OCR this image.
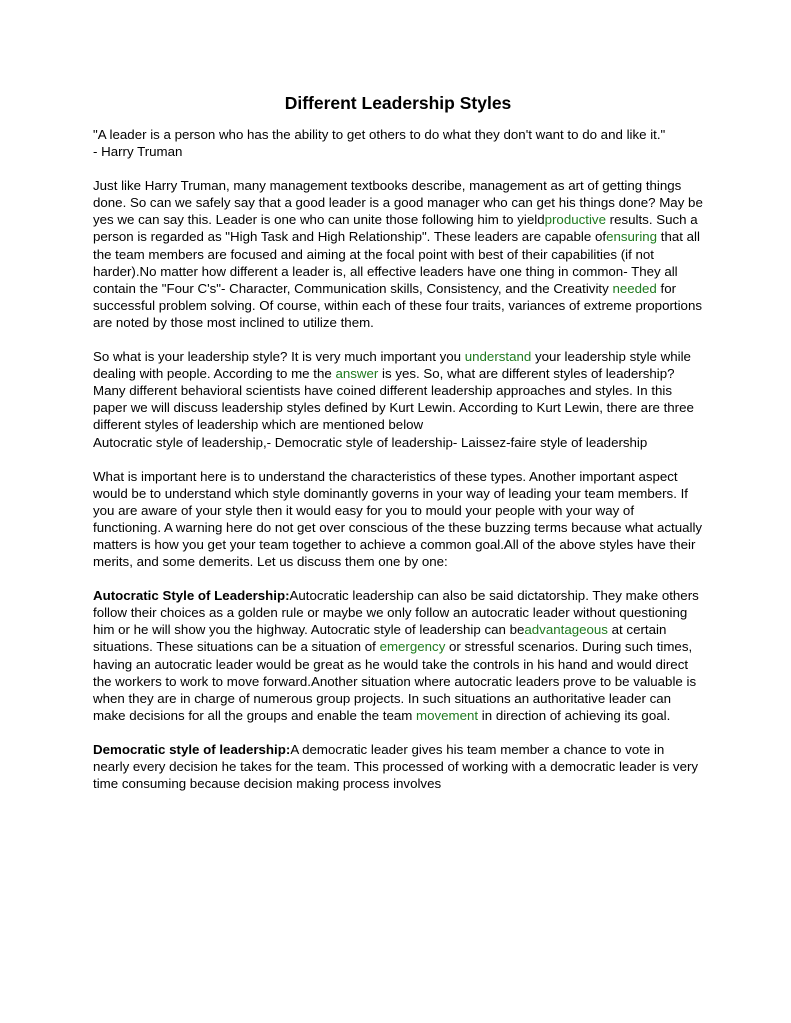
Different Leadership Styles

"A leader is a person who has the ability to get others to do what they don't want to do and like it."
- Harry Truman

Just like Harry Truman, many management textbooks describe, management as art of getting things done. So can we safely say that a good leader is a good manager who can get his things done? May be yes we can say this. Leader is one who can unite those following him to yieldproductive results. Such a person is regarded as "High Task and High Relationship". These leaders are capable ofensuring that all the team members are focused and aiming at the focal point with best of their capabilities (if not harder).No matter how different a leader is, all effective leaders have one thing in common- They all contain the "Four C's"- Character, Communication skills, Consistency, and the Creativity needed for successful problem solving. Of course, within each of these four traits, variances of extreme proportions are noted by those most inclined to utilize them.

So what is your leadership style? It is very much important you understand your leadership style while dealing with people. According to me the answer is yes. So, what are different styles of leadership? Many different behavioral scientists have coined different leadership approaches and styles. In this paper we will discuss leadership styles defined by Kurt Lewin. According to Kurt Lewin, there are three different styles of leadership which are mentioned below
Autocratic style of leadership,- Democratic style of leadership- Laissez-faire style of leadership

What is important here is to understand the characteristics of these types. Another important aspect would be to understand which style dominantly governs in your way of leading your team members. If you are aware of your style then it would easy for you to mould your people with your way of functioning. A warning here do not get over conscious of the these buzzing terms because what actually matters is how you get your team together to achieve a common goal.All of the above styles have their merits, and some demerits. Let us discuss them one by one:

Autocratic Style of Leadership:Autocratic leadership can also be said dictatorship. They make others follow their choices as a golden rule or maybe we only follow an autocratic leader without questioning him or he will show you the highway. Autocratic style of leadership can beadvantageous at certain situations. These situations can be a situation of emergency or stressful scenarios. During such times, having an autocratic leader would be great as he would take the controls in his hand and would direct the workers to work to move forward.Another situation where autocratic leaders prove to be valuable is when they are in charge of numerous group projects. In such situations an authoritative leader can make decisions for all the groups and enable the team movement in direction of achieving its goal.

Democratic style of leadership:A democratic leader gives his team member a chance to vote in nearly every decision he takes for the team. This processed of working with a democratic leader is very time consuming because decision making process involves
